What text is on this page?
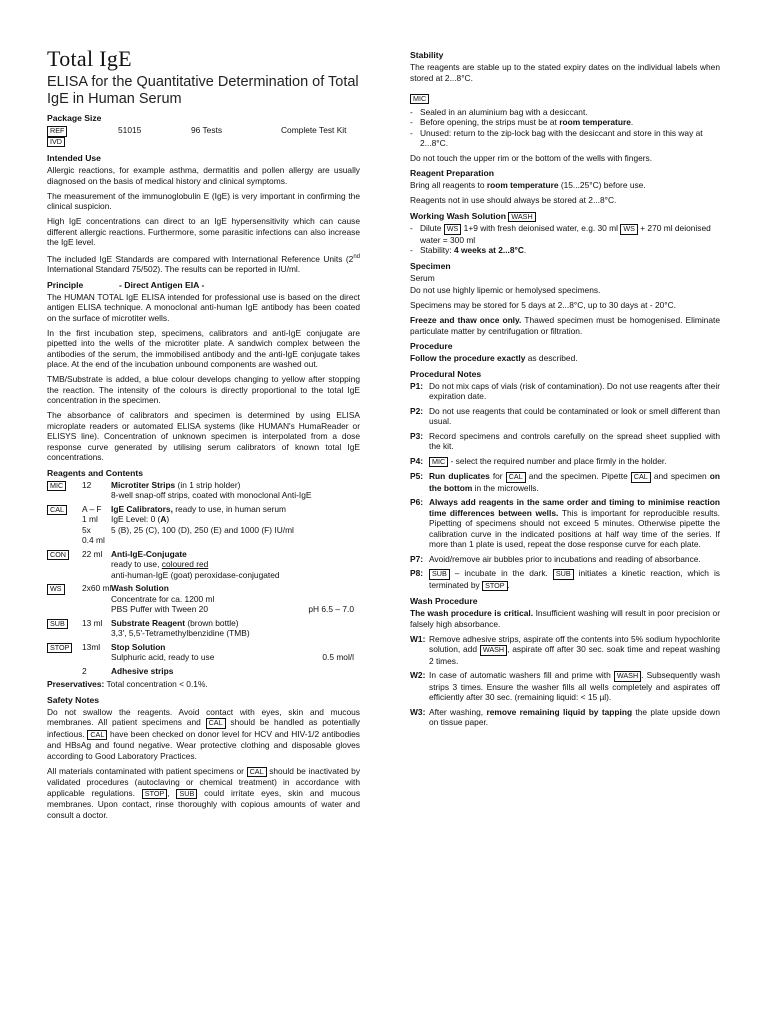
Total IgE
ELISA for the Quantitative Determination of Total IgE in Human Serum
Package Size
REF	51015	96 Tests	Complete Test Kit
IVD
Intended Use

Allergic reactions, for example asthma, dermatitis and pollen allergy are usually diagnosed on the basis of medical history and clinical symptoms.

The measurement of the immunoglobulin E (IgE) is very important in confirming the clinical suspicion.

High IgE concentrations can direct to an IgE hypersensitivity which can cause different allergic reactions. Furthermore, some parasitic infections can also increase the IgE level.

The included IgE Standards are compared with International Reference Units (2nd International Standard 75/502). The results can be reported in IU/ml.

Principle	- Direct Antigen EIA -

The HUMAN TOTAL IgE ELISA intended for professional use is based on the direct antigen ELISA technique. A monoclonal anti-human IgE antibody has been coated on the surface of microtiter wells.

In the first incubation step, specimens, calibrators and anti-IgE conjugate are pipetted into the wells of the microtiter plate. A sandwich complex between the antibodies of the serum, the immobilised antibody and the anti-IgE conjugate takes place. At the end of the incubation unbound components are washed out.

TMB/Substrate is added, a blue colour develops changing to yellow after stopping the reaction. The intensity of the colours is directly proportional to the total IgE concentration in the specimen.

The absorbance of calibrators and specimen is determined by using ELISA microplate readers or automated ELISA systems (like HUMAN's HumaReader or ELISYS line). Concentration of unknown specimen is interpolated from a dose response curve generated by utilising serum calibrators of known total IgE concentrations.

Reagents and Contents
MIC	12	Microtiter Strips (in 1 strip holder)
8-well snap-off strips, coated with monoclonal Anti-IgE
CAL	A – F
1 ml
5x
0.4 ml
IgE Calibrators, ready to use, in human serum
IgE Level: 0 (A)
5 (B), 25 (C), 100 (D), 250 (E) and 1000 (F) IU/ml
CON	22 ml	Anti-IgE-Conjugate
ready to use, coloured red
anti-human-IgE (goat) peroxidase-conjugated
WS	2x60 ml Wash Solution
Concentrate for ca. 1200 ml
PBS Puffer with Tween 20	pH 6.5 – 7.0
SUB	13 ml	Substrate Reagent (brown bottle)
3,3', 5,5'-Tetramethylbenzidine (TMB)
STOP	13ml	Stop Solution
Sulphuric acid, ready to use	0.5 mol/l
2	Adhesive strips

Preservatives: Total concentration < 0.1%.

Safety Notes

Do not swallow the reagents. Avoid contact with eyes, skin and mucous membranes. All patient specimens and CAL should be handled as potentially infectious. CAL have been checked on donor level for HCV and HIV-1/2 antibodies and HBsAg and found negative. Wear protective clothing and disposable gloves according to Good Laboratory Practices.

All materials contaminated with patient specimens or CAL should be inactivated by validated procedures (autoclaving or chemical treatment) in accordance with applicable regulations. STOP , SUB could irritate eyes, skin and mucous membranes. Upon contact, rinse thoroughly with copious amounts of water and consult a doctor.

Stability

The reagents are stable up to the stated expiry dates on the individual labels when stored at 2...8°C.

MIC
- Sealed in an aluminium bag with a desiccant.
- Before opening, the strips must be at room temperature.
- Unused: return to the zip-lock bag with the desiccant and store in this way at 2...8°C.

Do not touch the upper rim or the bottom of the wells with fingers.

Reagent Preparation

Bring all reagents to room temperature (15...25°C) before use.

Reagents not in use should always be stored at 2...8°C.

Working Wash Solution WASH
- Dilute WS 1+9 with fresh deionised water, e.g. 30 ml WS + 270 ml deionised water = 300 ml
- Stability: 4 weeks at 2...8°C.
Specimen

Serum

Do not use highly lipemic or hemolysed specimens.

Specimens may be stored for 5 days at 2...8°C, up to 30 days at - 20°C.

Freeze and thaw once only. Thawed specimen must be homogenised. Eliminate particulate matter by centrifugation or filtration.

Procedure

Follow the procedure exactly as described.

Procedural Notes
P1: Do not mix caps of vials (risk of contamination). Do not use reagents after their expiration date.
P2: Do not use reagents that could be contaminated or look or smell different than usual.
P3: Record specimens and controls carefully on the spread sheet supplied with the kit.
P4:	MIC - select the required number and place firmly in the holder.
P5: Run duplicates for CAL and the specimen. Pipette CAL and specimen on the bottom in the microwells.
P6: Always add reagents in the same order and timing to minimise reaction time differences between wells. This is important for reproducible results. Pipetting of specimens should not exceed 5 minutes. Otherwise pipette the calibration curve in the indicated positions at half way time of the series. If more than 1 plate is used, repeat the dose response curve for each plate.
P7: Avoid/remove air bubbles prior to incubations and reading of absorbance.
P8:	SUB – incubate in the dark. SUB initiates a kinetic reaction, which is terminated by STOP .
Wash Procedure

The wash procedure is critical. Insufficient washing will result in poor precision or falsely high absorbance.

W1: Remove adhesive strips, aspirate off the contents into 5% sodium hypochlorite solution, add WASH , aspirate off after 30 sec. soak time and repeat washing 2 times.
W2: In case of automatic washers fill and prime with WASH . Subsequently wash strips 3 times. Ensure the washer fills all wells completely and aspirates off efficiently after 30 sec. (remaining liquid: < 15 µl).
W3: After washing, remove remaining liquid by tapping the plate upside down on tissue paper.
